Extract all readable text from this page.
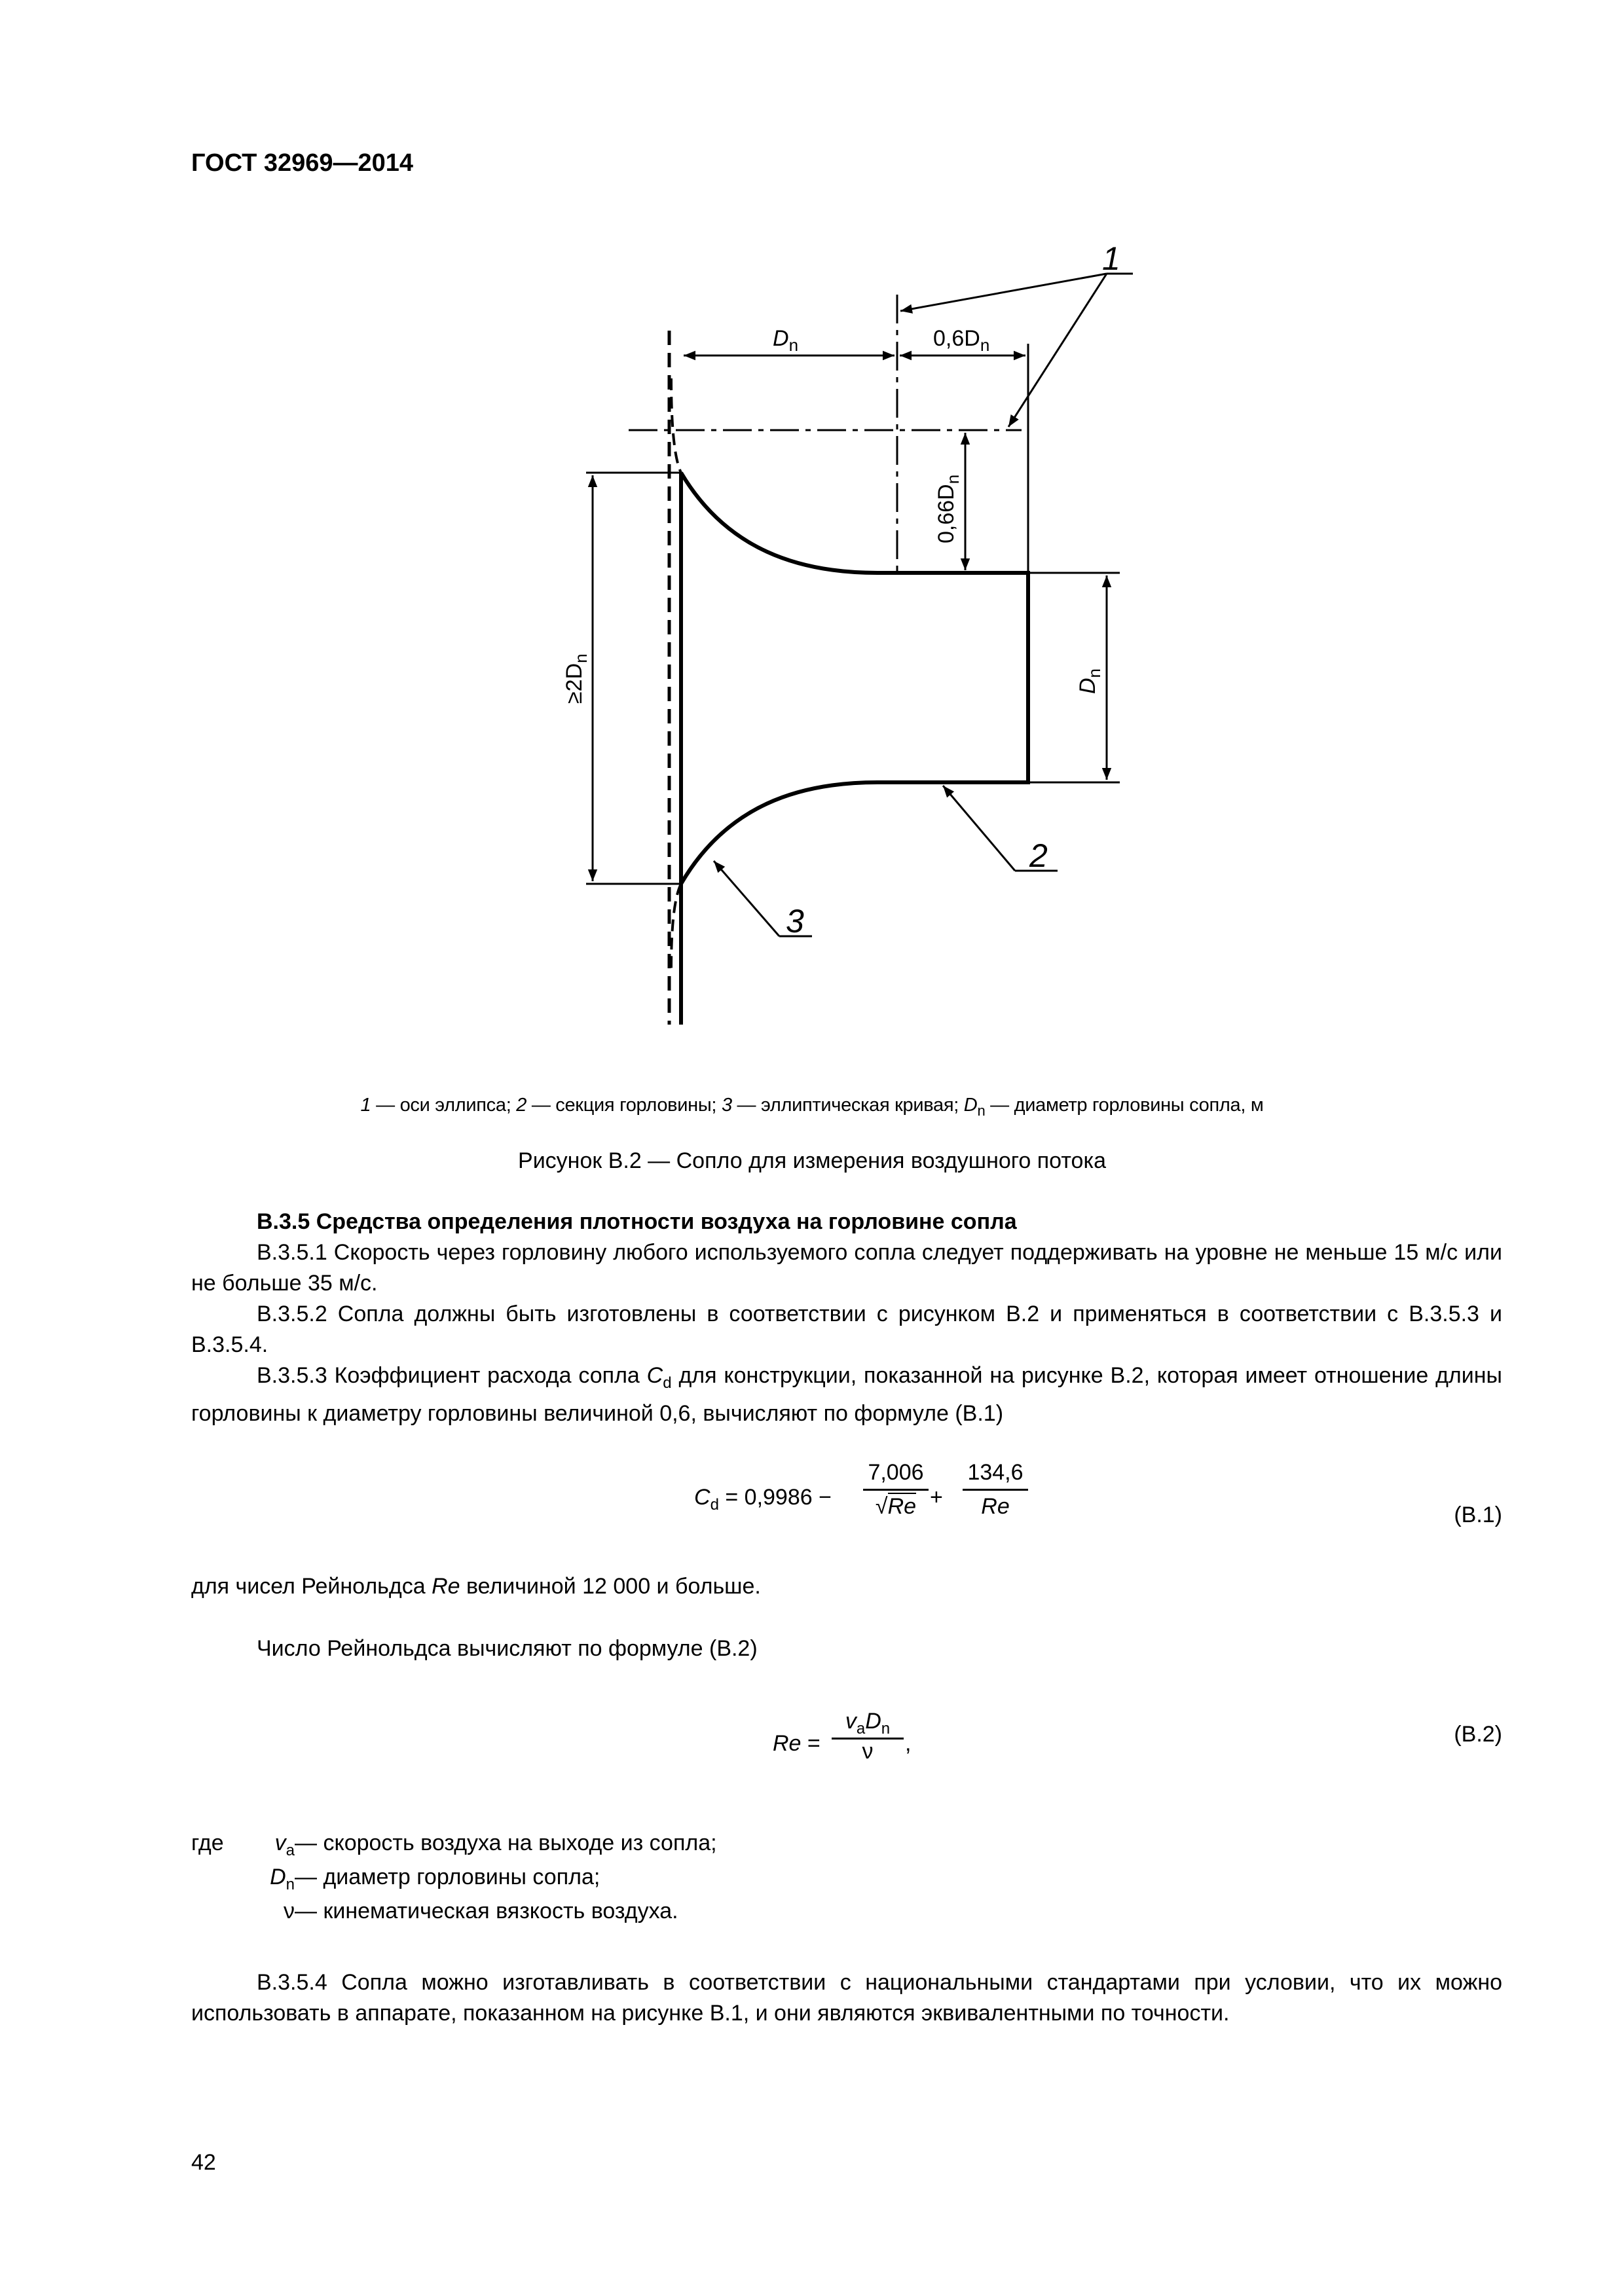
ГОСТ 32969—2014
$D_n$	$0,6D_n$
$0,66D_n$
$\ge 2D_n$
$D_n$
1
2
3
1 — оси эллипса; 2 — секция горловины; 3 — эллиптическая кривая; $D_n$ — диаметр горловины сопла, м
Рисунок В.2 — Сопло для измерения воздушного потока

В.3.5 Средства определения плотности воздуха на горловине сопла

В.3.5.1 Скорость через горловину любого используемого сопла следует поддерживать на уровне не меньше 15 м/с или не больше 35 м/с.

В.3.5.2 Сопла должны быть изготовлены в соответствии с рисунком В.2 и применяться в соответствии с В.3.5.3 и В.3.5.4.

В.3.5.3 Коэффициент расхода сопла $C_d$ для конструкции, показанной на рисунке В.2, которая имеет отношение длины горловины к диаметру горловины величиной 0,6, вычисляют по формуле (В.1)

$C_d = 0,9986$ −
7,006
√Re +
134,6
Re	(В.1)
для чисел Рейнольдса Re величиной 12 000 и больше.
Число Рейнольдса вычисляют по формуле (В.2)
Re =
$v_aD_n$
ν	,	(В.2)
где	$v_a$	— скорость воздуха на выходе из сопла;
	$D_n$	— диаметр горловины сопла;
	ν	— кинематическая вязкость воздуха.

В.3.5.4 Сопла можно изготавливать в соответствии с национальными стандартами при условии, что их можно использовать в аппарате, показанном на рисунке В.1, и они являются эквивалентными по точности.

42
